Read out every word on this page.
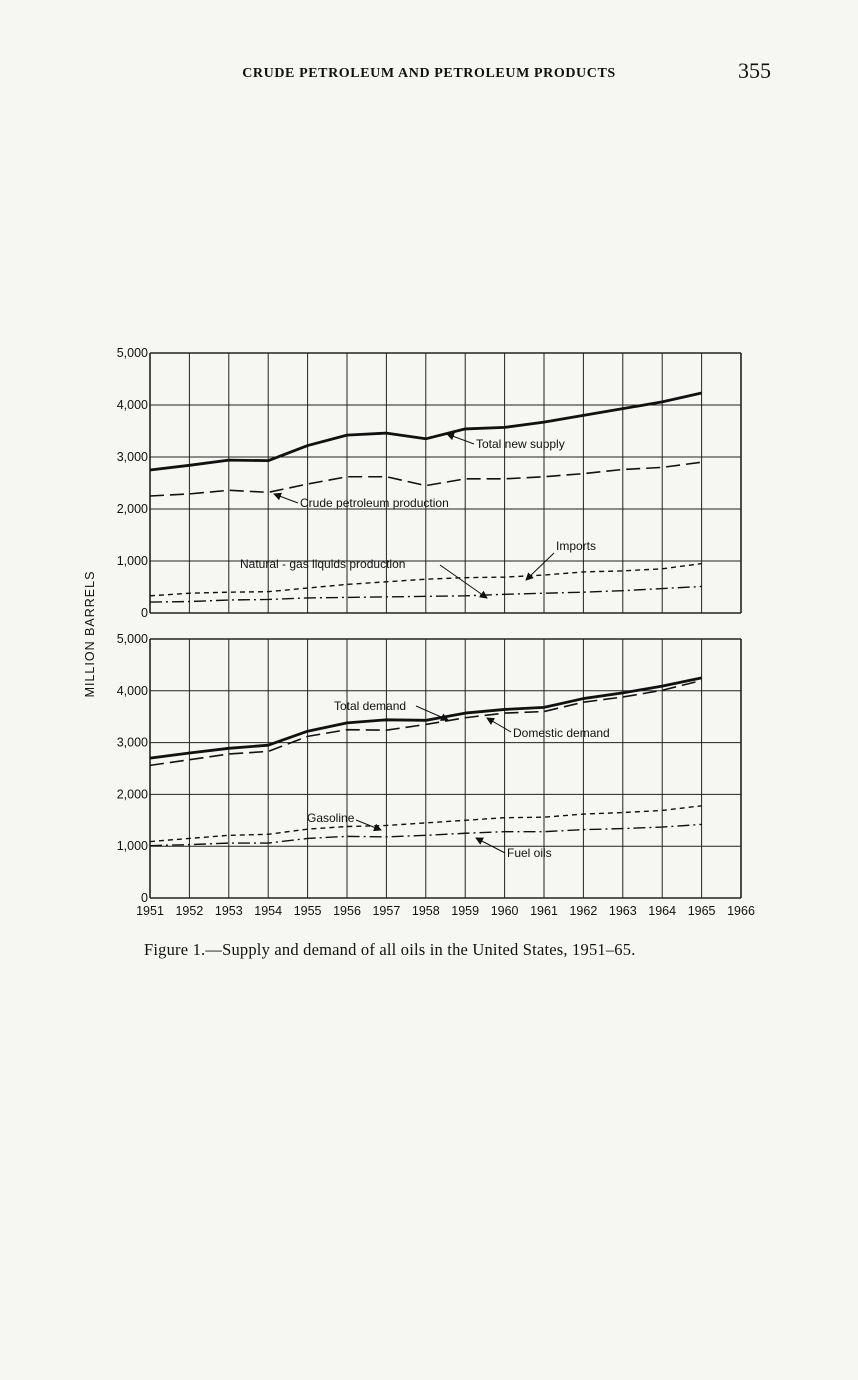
CRUDE PETROLEUM AND PETROLEUM PRODUCTS	355
0
1,000
2,000
3,000
4,000
5,000
0
1,000
2,000
3,000
4,000
5,000
1951 1952 1953 1954 1955 1956 1957 1958 1959 1960 1961 1962 1963 1964 1965 1966
MILLION BARRELS
Total new supply
Crude petroleum production
Natural - gas liquids production
Imports
Total demand
Domestic demand
Gasoline
Fuel oils
Figure 1.—Supply and demand of all oils in the United States, 1951–65.
